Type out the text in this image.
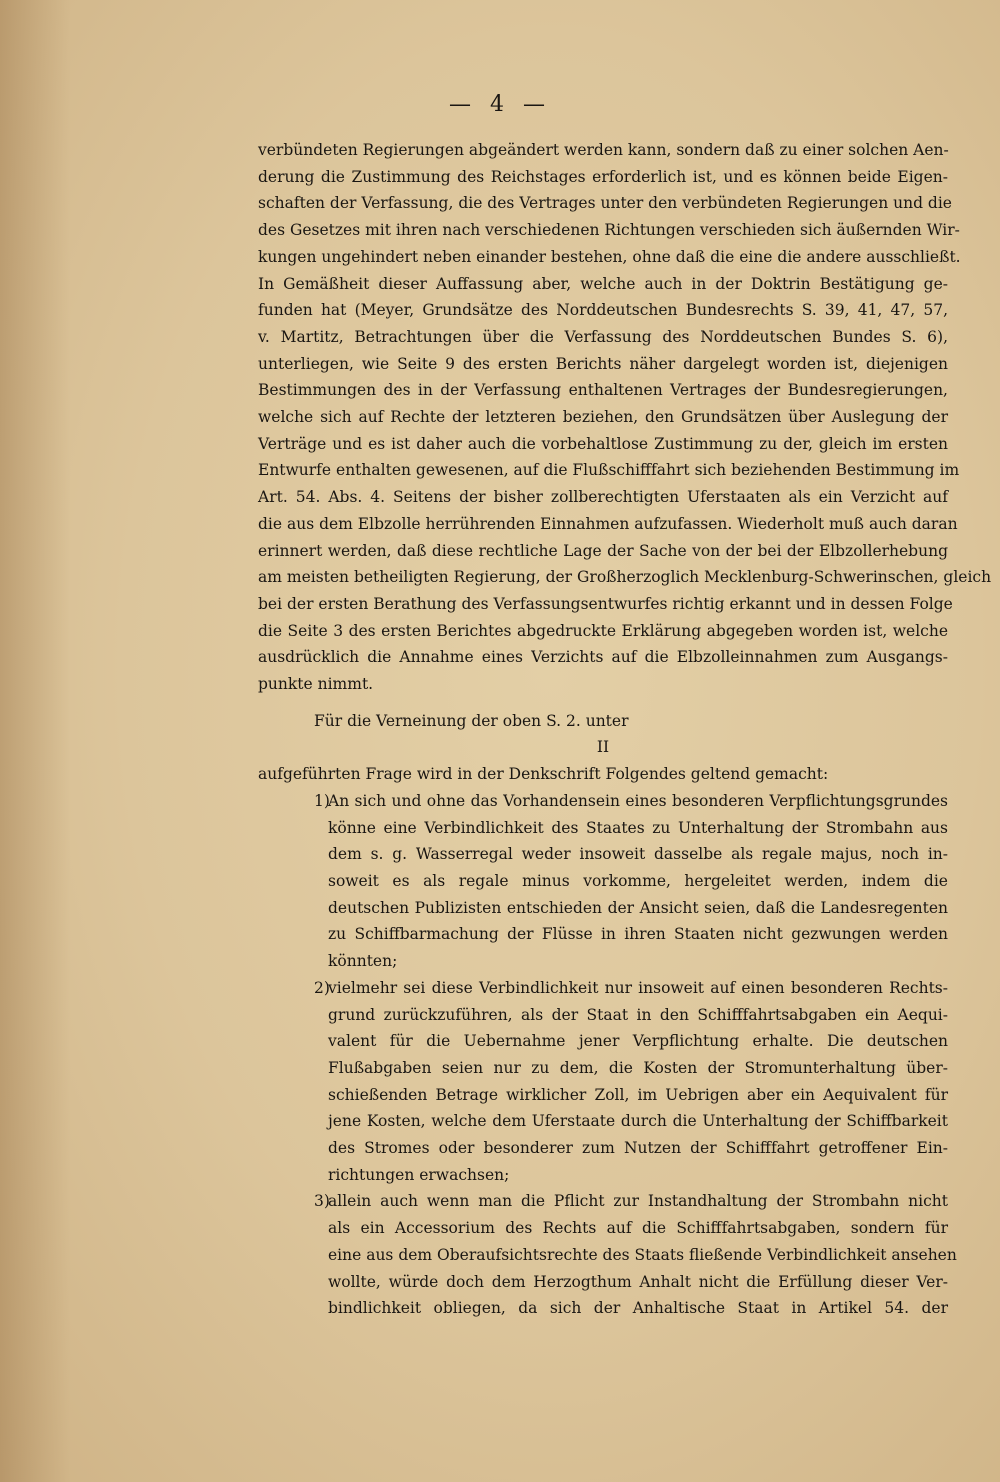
— 4 —
verbündeten Regierungen abgeändert werden kann, sondern daß zu einer solchen Aen-
derung die Zustimmung des Reichstages erforderlich ist, und es können beide Eigen-
schaften der Verfassung, die des Vertrages unter den verbündeten Regierungen und die
des Gesetzes mit ihren nach verschiedenen Richtungen verschieden sich äußernden Wir-
kungen ungehindert neben einander bestehen, ohne daß die eine die andere ausschließt.
In Gemäßheit dieser Auffassung aber, welche auch in der Doktrin Bestätigung ge-
funden hat (Meyer, Grundsätze des Norddeutschen Bundesrechts S. 39, 41, 47, 57,
v. Martitz, Betrachtungen über die Verfassung des Norddeutschen Bundes S. 6),
unterliegen, wie Seite 9 des ersten Berichts näher dargelegt worden ist, diejenigen
Bestimmungen des in der Verfassung enthaltenen Vertrages der Bundesregierungen,
welche sich auf Rechte der letzteren beziehen, den Grundsätzen über Auslegung der
Verträge und es ist daher auch die vorbehaltlose Zustimmung zu der, gleich im ersten
Entwurfe enthalten gewesenen, auf die Flußschifffahrt sich beziehenden Bestimmung im
Art. 54. Abs. 4. Seitens der bisher zollberechtigten Uferstaaten als ein Verzicht auf
die aus dem Elbzolle herrührenden Einnahmen aufzufassen. Wiederholt muß auch daran
erinnert werden, daß diese rechtliche Lage der Sache von der bei der Elbzollerhebung
am meisten betheiligten Regierung, der Großherzoglich Mecklenburg-Schwerinschen, gleich
bei der ersten Berathung des Verfassungsentwurfes richtig erkannt und in dessen Folge
die Seite 3 des ersten Berichtes abgedruckte Erklärung abgegeben worden ist, welche
ausdrücklich die Annahme eines Verzichts auf die Elbzolleinnahmen zum Ausgangs-
punkte nimmt.
Für die Verneinung der oben S. 2. unter
II
aufgeführten Frage wird in der Denkschrift Folgendes geltend gemacht:
1)
An sich und ohne das Vorhandensein eines besonderen Verpflichtungsgrundes
könne eine Verbindlichkeit des Staates zu Unterhaltung der Strombahn aus
dem s. g. Wasserregal weder insoweit dasselbe als regale majus, noch in-
soweit es als regale minus vorkomme, hergeleitet werden, indem die
deutschen Publizisten entschieden der Ansicht seien, daß die Landesregenten
zu Schiffbarmachung der Flüsse in ihren Staaten nicht gezwungen werden
könnten;
2)
vielmehr sei diese Verbindlichkeit nur insoweit auf einen besonderen Rechts-
grund zurückzuführen, als der Staat in den Schifffahrtsabgaben ein Aequi-
valent für die Uebernahme jener Verpflichtung erhalte. Die deutschen
Flußabgaben seien nur zu dem, die Kosten der Stromunterhaltung über-
schießenden Betrage wirklicher Zoll, im Uebrigen aber ein Aequivalent für
jene Kosten, welche dem Uferstaate durch die Unterhaltung der Schiffbarkeit
des Stromes oder besonderer zum Nutzen der Schifffahrt getroffener Ein-
richtungen erwachsen;
3)
allein auch wenn man die Pflicht zur Instandhaltung der Strombahn nicht
als ein Accessorium des Rechts auf die Schifffahrtsabgaben, sondern für
eine aus dem Oberaufsichtsrechte des Staats fließende Verbindlichkeit ansehen
wollte, würde doch dem Herzogthum Anhalt nicht die Erfüllung dieser Ver-
bindlichkeit obliegen, da sich der Anhaltische Staat in Artikel 54. der
